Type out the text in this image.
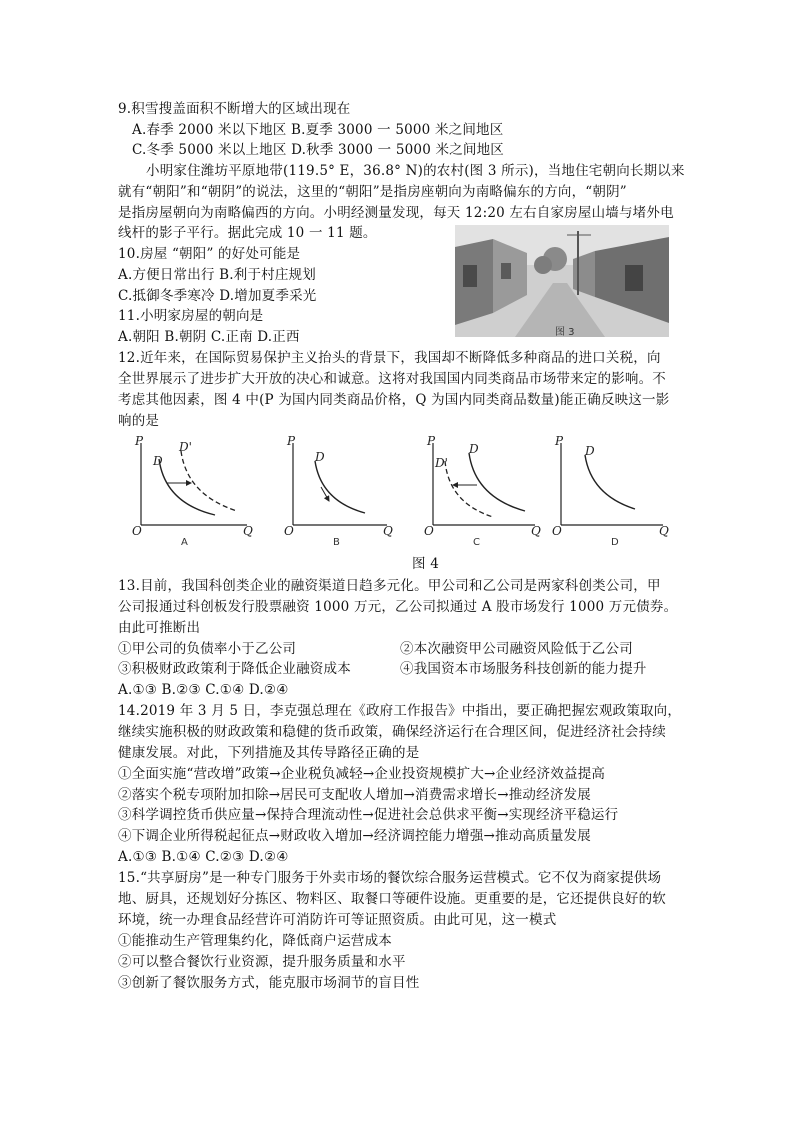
9.积雪搜盖面积不断增大的区域出现在
A.春季 2000 米以下地区 B.夏季 3000 一 5000 米之间地区
C.冬季 5000 米以上地区 D.秋季 3000 一 5000 米之间地区
小明家住潍坊平原地带(119.5° E，36.8° N)的农村(图 3 所示)，当地住宅朝向长期以来
就有“朝阳”和“朝阴”的说法，这里的“朝阳”是指房座朝向为南略偏东的方向，“朝阴”
是指房屋朝向为南略偏西的方向。小明经测量发现，每天 12:20 左右自家房屋山墙与堵外电
线杆的影子平行。据此完成 10 一 11 题。
10.房屋 “朝阳” 的好处可能是
A.方便日常出行 B.利于村庄规划
C.抵御冬季寒冷 D.增加夏季采光
11.小明家房屋的朝向是
A.朝阳 B.朝阴 C.正南 D.正西	图 3
12.近年来，在国际贸易保护主义抬头的背景下，我国却不断降低多种商品的进口关税，向
全世界展示了进步扩大开放的决心和诚意。这将对我国国内同类商品市场带来定的影响。不
考虑其他因素，图 4 中(P 为国内同类商品价格，Q 为国内同类商品数量)能正确反映这一影
响的是
P
Q
O
D
D'
A
P
Q
O
D
B
P
Q
O
D
D'
C
P
Q
O
D
D
图 4
13.目前，我国科创类企业的融资渠道日趋多元化。甲公司和乙公司是两家科创类公司，甲
公司报通过科创板发行股票融资 1000 万元，乙公司拟通过 A 股市场发行 1000 万元债券。
由此可推断出
①甲公司的负债率小于乙公司	②本次融资甲公司融资风险低于乙公司
③积极财政政策利于降低企业融资成本	④我国资本市场服务科技创新的能力提升
A.①③ B.②③ C.①④ D.②④
14.2019 年 3 月 5 日，李克强总理在《政府工作报告》中指出，要正确把握宏观政策取向，
继续实施积极的财政政策和稳健的货币政策，确保经济运行在合理区间，促进经济社会持续
健康发展。对此，下列措施及其传导路径正确的是
①全面实施“营改增”政策→企业税负减轻→企业投资规模扩大→企业经济效益提高
②落实个税专项附加扣除→居民可支配收人增加→消费需求增长→推动经济发展
③科学调控货币供应量→保持合理流动性→促进社会总供求平衡→实现经济平稳运行
④下调企业所得税起征点→财政收入增加→经济调控能力增强→推动高质量发展
A.①③ B.①④ C.②③ D.②④
15.“共享厨房”是一种专门服务于外卖市场的餐饮综合服务运营模式。它不仅为商家提供场
地、厨具，还规划好分拣区、物料区、取餐口等硬件设施。更重要的是，它还提供良好的软
环境，统一办理食品经营许可消防许可等证照资质。由此可见，这一模式
①能推动生产管理集约化，降低商户运营成本
②可以整合餐饮行业资源，提升服务质量和水平
③创新了餐饮服务方式，能克服市场洞节的盲目性
